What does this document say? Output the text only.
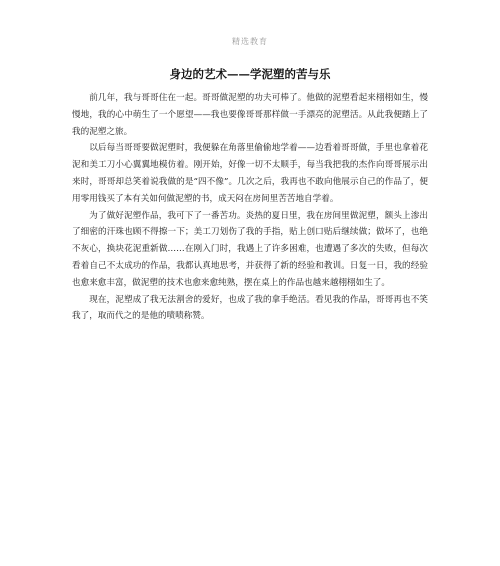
精选教育
身边的艺术——学泥塑的苦与乐

前几年，我与哥哥住在一起。哥哥做泥塑的功夫可棒了。他做的泥塑看起来栩栩如生，慢慢地，我的心中萌生了一个愿望——我也要像哥哥那样做一手漂亮的泥塑活。从此我便踏上了我的泥塑之旅。

以后每当哥哥要做泥塑时，我便躲在角落里偷偷地学着——边看着哥哥做，手里也拿着花泥和美工刀小心翼翼地模仿着。刚开始，好像一切不太顺手，每当我把我的杰作向哥哥展示出来时，哥哥却总笑着说我做的是“四不像”。几次之后，我再也不敢向他展示自己的作品了，便用零用钱买了本有关如何做泥塑的书，成天闷在房间里苦苦地自学着。

为了做好泥塑作品，我可下了一番苦功。炎热的夏日里，我在房间里做泥塑，额头上渗出了细密的汗珠也顾不得擦一下；美工刀划伤了我的手指，贴上创口贴后继续做；做坏了，也绝不灰心，换块花泥重新做……在刚入门时，我遇上了许多困难，也遭遇了多次的失败，但每次看着自己不太成功的作品，我都认真地思考，并获得了新的经验和教训。日复一日，我的经验也愈来愈丰富，做泥塑的技术也愈来愈纯熟，摆在桌上的作品也越来越栩栩如生了。

现在，泥塑成了我无法割舍的爱好，也成了我的拿手绝活。看见我的作品，哥哥再也不笑我了，取而代之的是他的啧啧称赞。
